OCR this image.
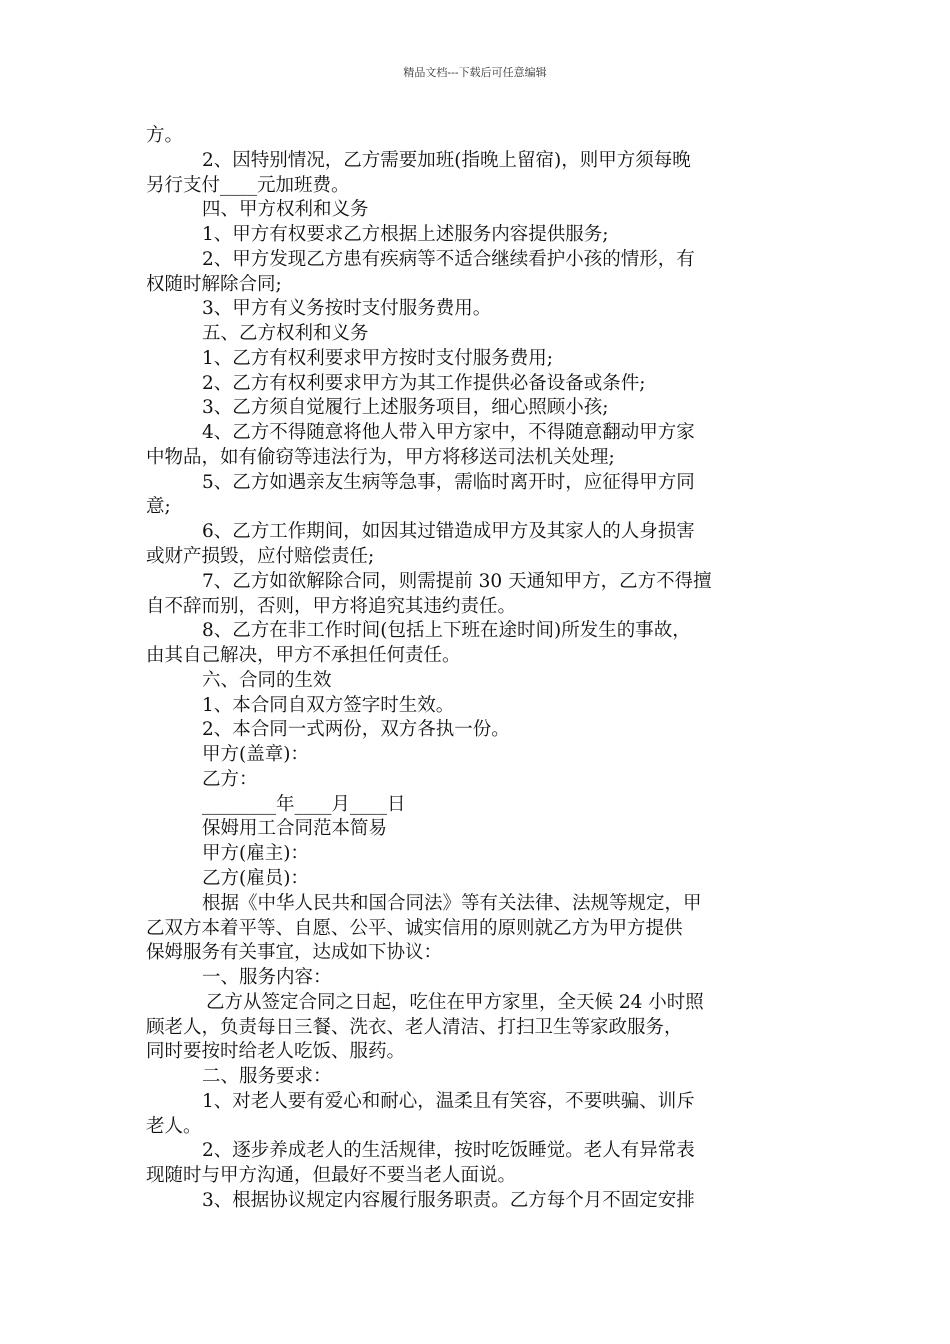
精品文档---下载后可任意编辑
方。
2、因特别情况，乙方需要加班(指晚上留宿)，则甲方须每晚
另行支付____元加班费。
四、甲方权利和义务
1、甲方有权要求乙方根据上述服务内容提供服务;
2、甲方发现乙方患有疾病等不适合继续看护小孩的情形，有
权随时解除合同;
3、甲方有义务按时支付服务费用。
五、乙方权利和义务
1、乙方有权利要求甲方按时支付服务费用;
2、乙方有权利要求甲方为其工作提供必备设备或条件;
3、乙方须自觉履行上述服务项目，细心照顾小孩;
4、乙方不得随意将他人带入甲方家中，不得随意翻动甲方家
中物品，如有偷窃等违法行为，甲方将移送司法机关处理;
5、乙方如遇亲友生病等急事，需临时离开时，应征得甲方同
意;
6、乙方工作期间，如因其过错造成甲方及其家人的人身损害
或财产损毁，应付赔偿责任;
7、乙方如欲解除合同，则需提前 30 天通知甲方，乙方不得擅
自不辞而别，否则，甲方将追究其违约责任。
8、乙方在非工作时间(包括上下班在途时间)所发生的事故，
由其自己解决，甲方不承担任何责任。
六、合同的生效
1、本合同自双方签字时生效。
2、本合同一式两份，双方各执一份。
甲方(盖章)：
乙方：
________年____月____日
保姆用工合同范本简易
甲方(雇主)：
乙方(雇员)：
根据《中华人民共和国合同法》等有关法律、法规等规定，甲
乙双方本着平等、自愿、公平、诚实信用的原则就乙方为甲方提供
保姆服务有关事宜，达成如下协议：
一、服务内容：
乙方从签定合同之日起，吃住在甲方家里，全天候 24 小时照
顾老人，负责每日三餐、洗衣、老人清洁、打扫卫生等家政服务，
同时要按时给老人吃饭、服药。
二、服务要求：
1、对老人要有爱心和耐心，温柔且有笑容，不要哄骗、训斥
老人。
2、逐步养成老人的生活规律，按时吃饭睡觉。老人有异常表
现随时与甲方沟通，但最好不要当老人面说。
3、根据协议规定内容履行服务职责。乙方每个月不固定安排
